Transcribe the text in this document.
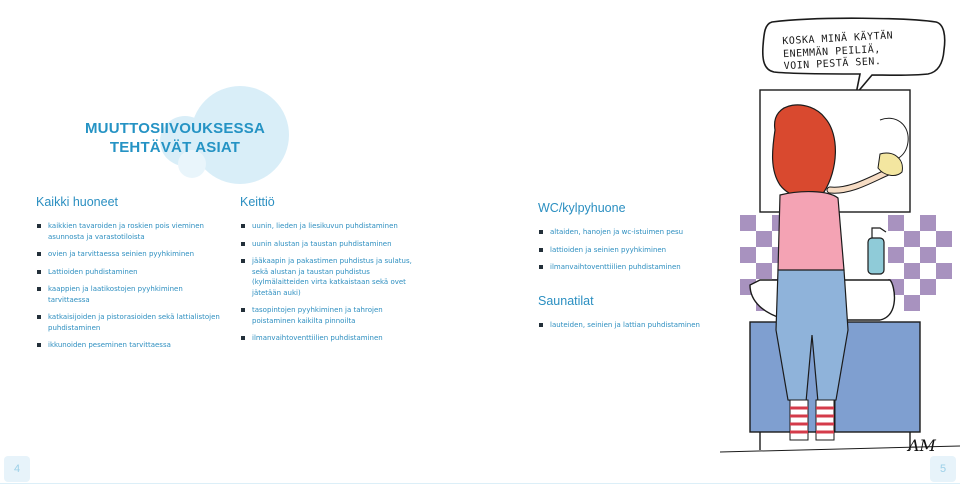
MUUTTOSIIVOUKSESSA
TEHTÄVÄT ASIAT
Kaikki huoneet
kaikkien tavaroiden ja roskien pois vieminen asunnosta ja varastotiloista
ovien ja tarvittaessa seinien pyyhkiminen
Lattioiden puhdistaminen
kaappien ja laatikostojen pyyhkiminen tarvittaessa
katkaisijoiden ja pistorasioiden sekä lattialistojen puhdistaminen
ikkunoiden peseminen tarvittaessa
Keittiö
uunin, lieden ja liesikuvun puhdistaminen
uunin alustan ja taustan puhdistaminen
jääkaapin ja pakastimen puhdistus ja sulatus, sekä alustan ja taustan puhdistus (kylmälaitteiden virta katkaistaan sekä ovet jätetään auki)
tasopintojen pyyhkiminen ja tahrojen poistaminen kaikilta pinnoilta
ilmanvaihtoventtiilien puhdistaminen
WC/kylpyhuone
altaiden, hanojen ja wc-istuimen pesu
lattioiden ja seinien pyyhkiminen
ilmanvaihtoventtiilien puhdistaminen
Saunatilat
lauteiden, seinien ja lattian puhdistaminen
KOSKA MINÄ KÄYTÄN
ENEMMÄN PEILIÄ,
VOIN PESTÄ SEN.
AM
4	5
